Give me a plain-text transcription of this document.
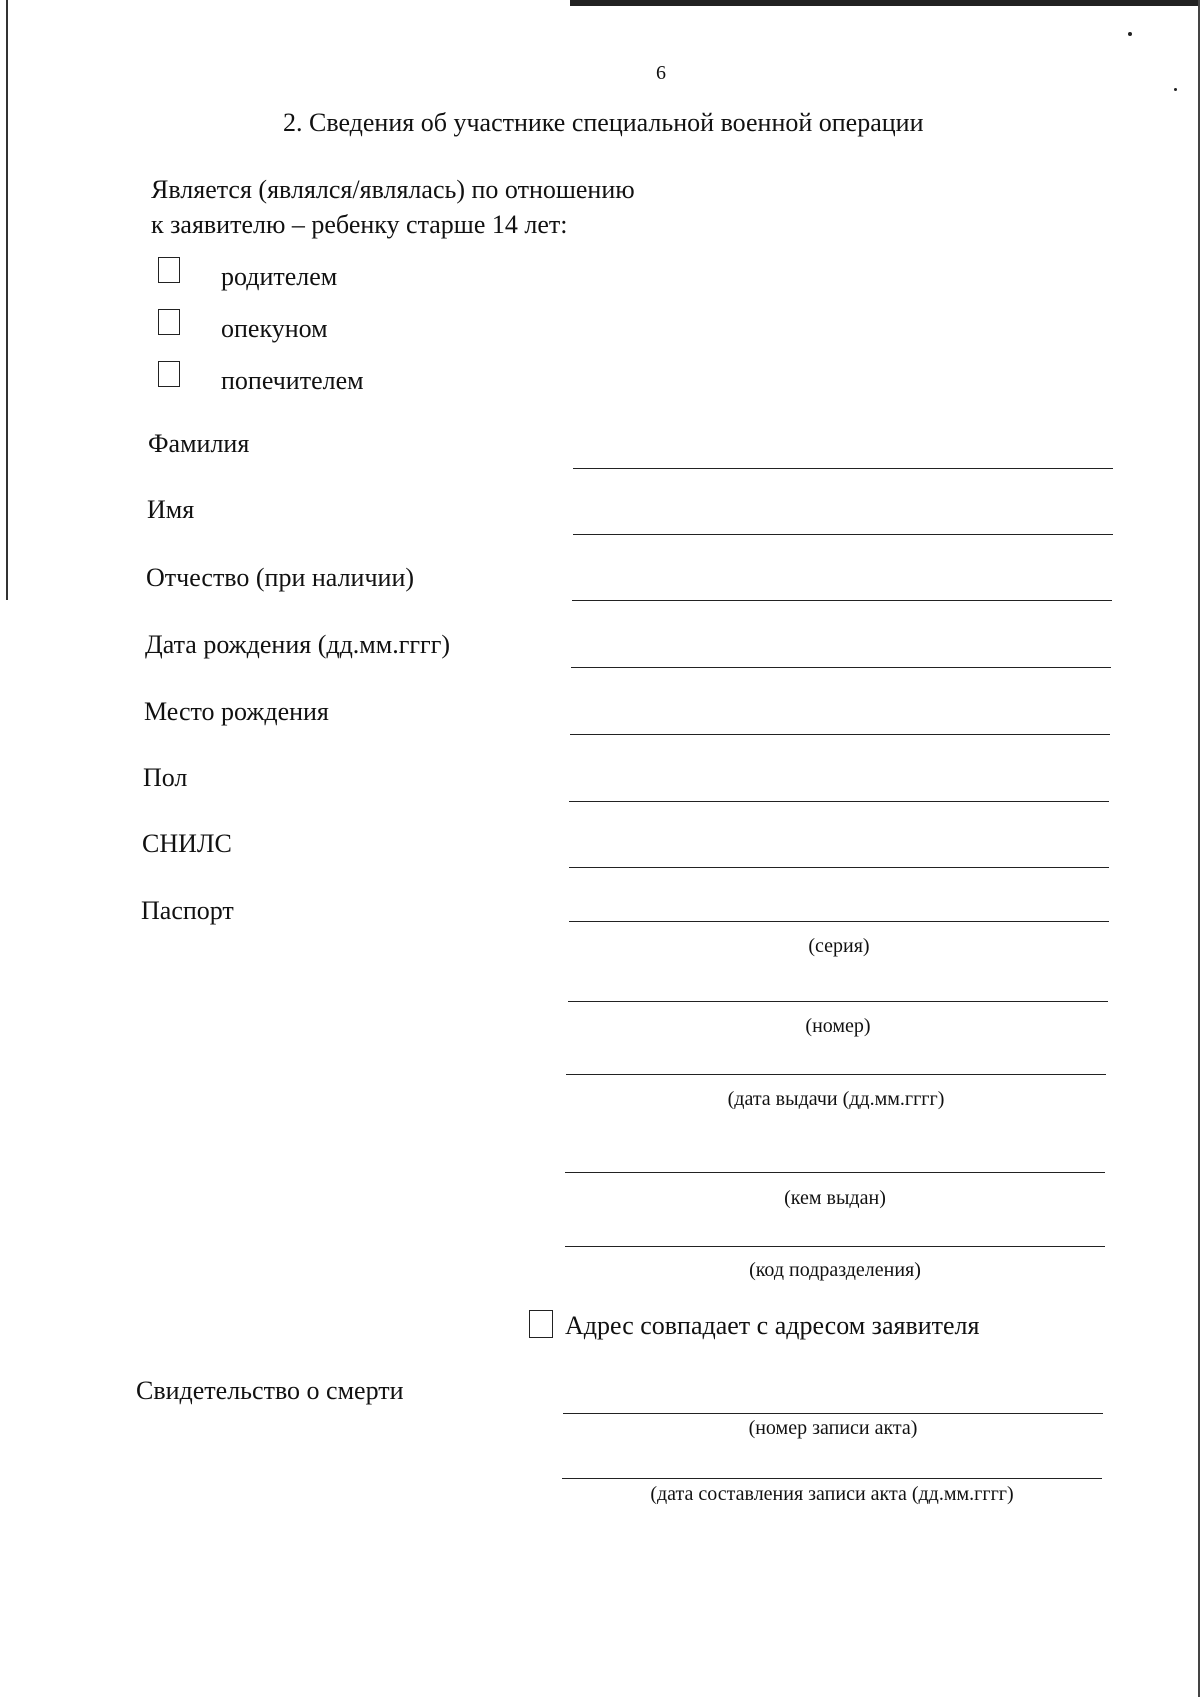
6
2. Сведения об участнике специальной военной операции
Является (являлся/являлась) по отношению
к заявителю – ребенку старше 14 лет:
родителем
опекуном
попечителем
Фамилия
Имя
Отчество (при наличии)
Дата рождения (дд.мм.гггг)
Место рождения
Пол
СНИЛС
Паспорт
(серия)
(номер)
(дата выдачи (дд.мм.гггг)
(кем выдан)
(код подразделения)
Адрес совпадает с адресом заявителя
Свидетельство о смерти
(номер записи акта)
(дата составления записи акта (дд.мм.гггг)
